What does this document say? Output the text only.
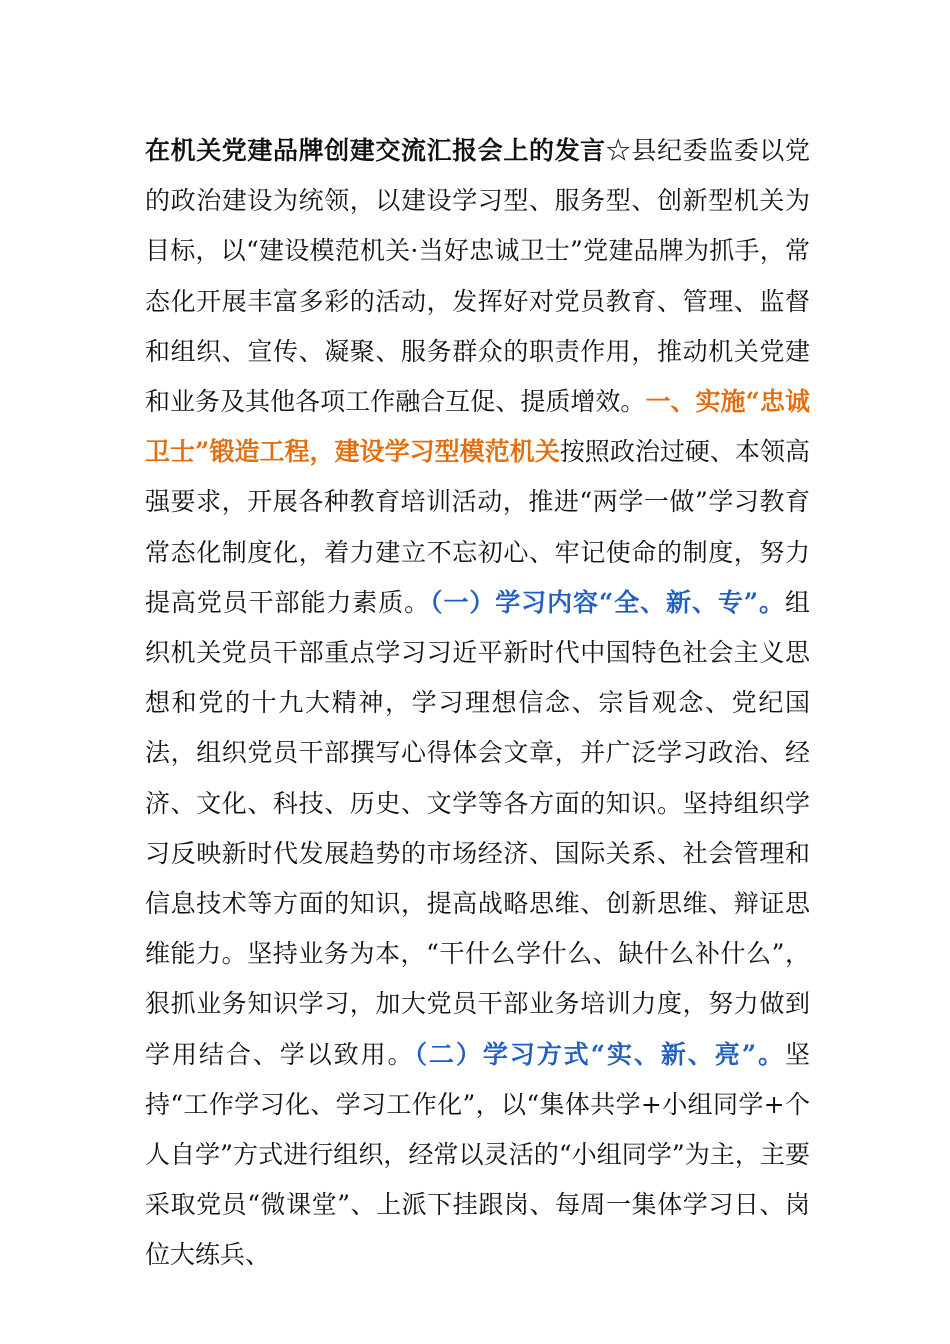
在机关党建品牌创建交流汇报会上的发言☆县纪委监委以党的政治建设为统领，以建设学习型、服务型、创新型机关为目标，以“建设模范机关·当好忠诚卫士”党建品牌为抓手，常态化开展丰富多彩的活动，发挥好对党员教育、管理、监督和组织、宣传、凝聚、服务群众的职责作用，推动机关党建和业务及其他各项工作融合互促、提质增效。一、实施“忠诚卫士”锻造工程，建设学习型模范机关按照政治过硬、本领高强要求，开展各种教育培训活动，推进“两学一做”学习教育常态化制度化，着力建立不忘初心、牢记使命的制度，努力提高党员干部能力素质。（一）学习内容“全、新、专”。组织机关党员干部重点学习习近平新时代中国特色社会主义思想和党的十九大精神，学习理想信念、宗旨观念、党纪国法，组织党员干部撰写心得体会文章，并广泛学习政治、经济、文化、科技、历史、文学等各方面的知识。坚持组织学习反映新时代发展趋势的市场经济、国际关系、社会管理和信息技术等方面的知识，提高战略思维、创新思维、辩证思维能力。坚持业务为本，“干什么学什么、缺什么补什么”，狠抓业务知识学习，加大党员干部业务培训力度，努力做到学用结合、学以致用。（二）学习方式“实、新、亮”。坚持“工作学习化、学习工作化”，以“集体共学+小组同学+个人自学”方式进行组织，经常以灵活的“小组同学”为主，主要采取党员“微课堂”、上派下挂跟岗、每周一集体学习日、岗位大练兵、
